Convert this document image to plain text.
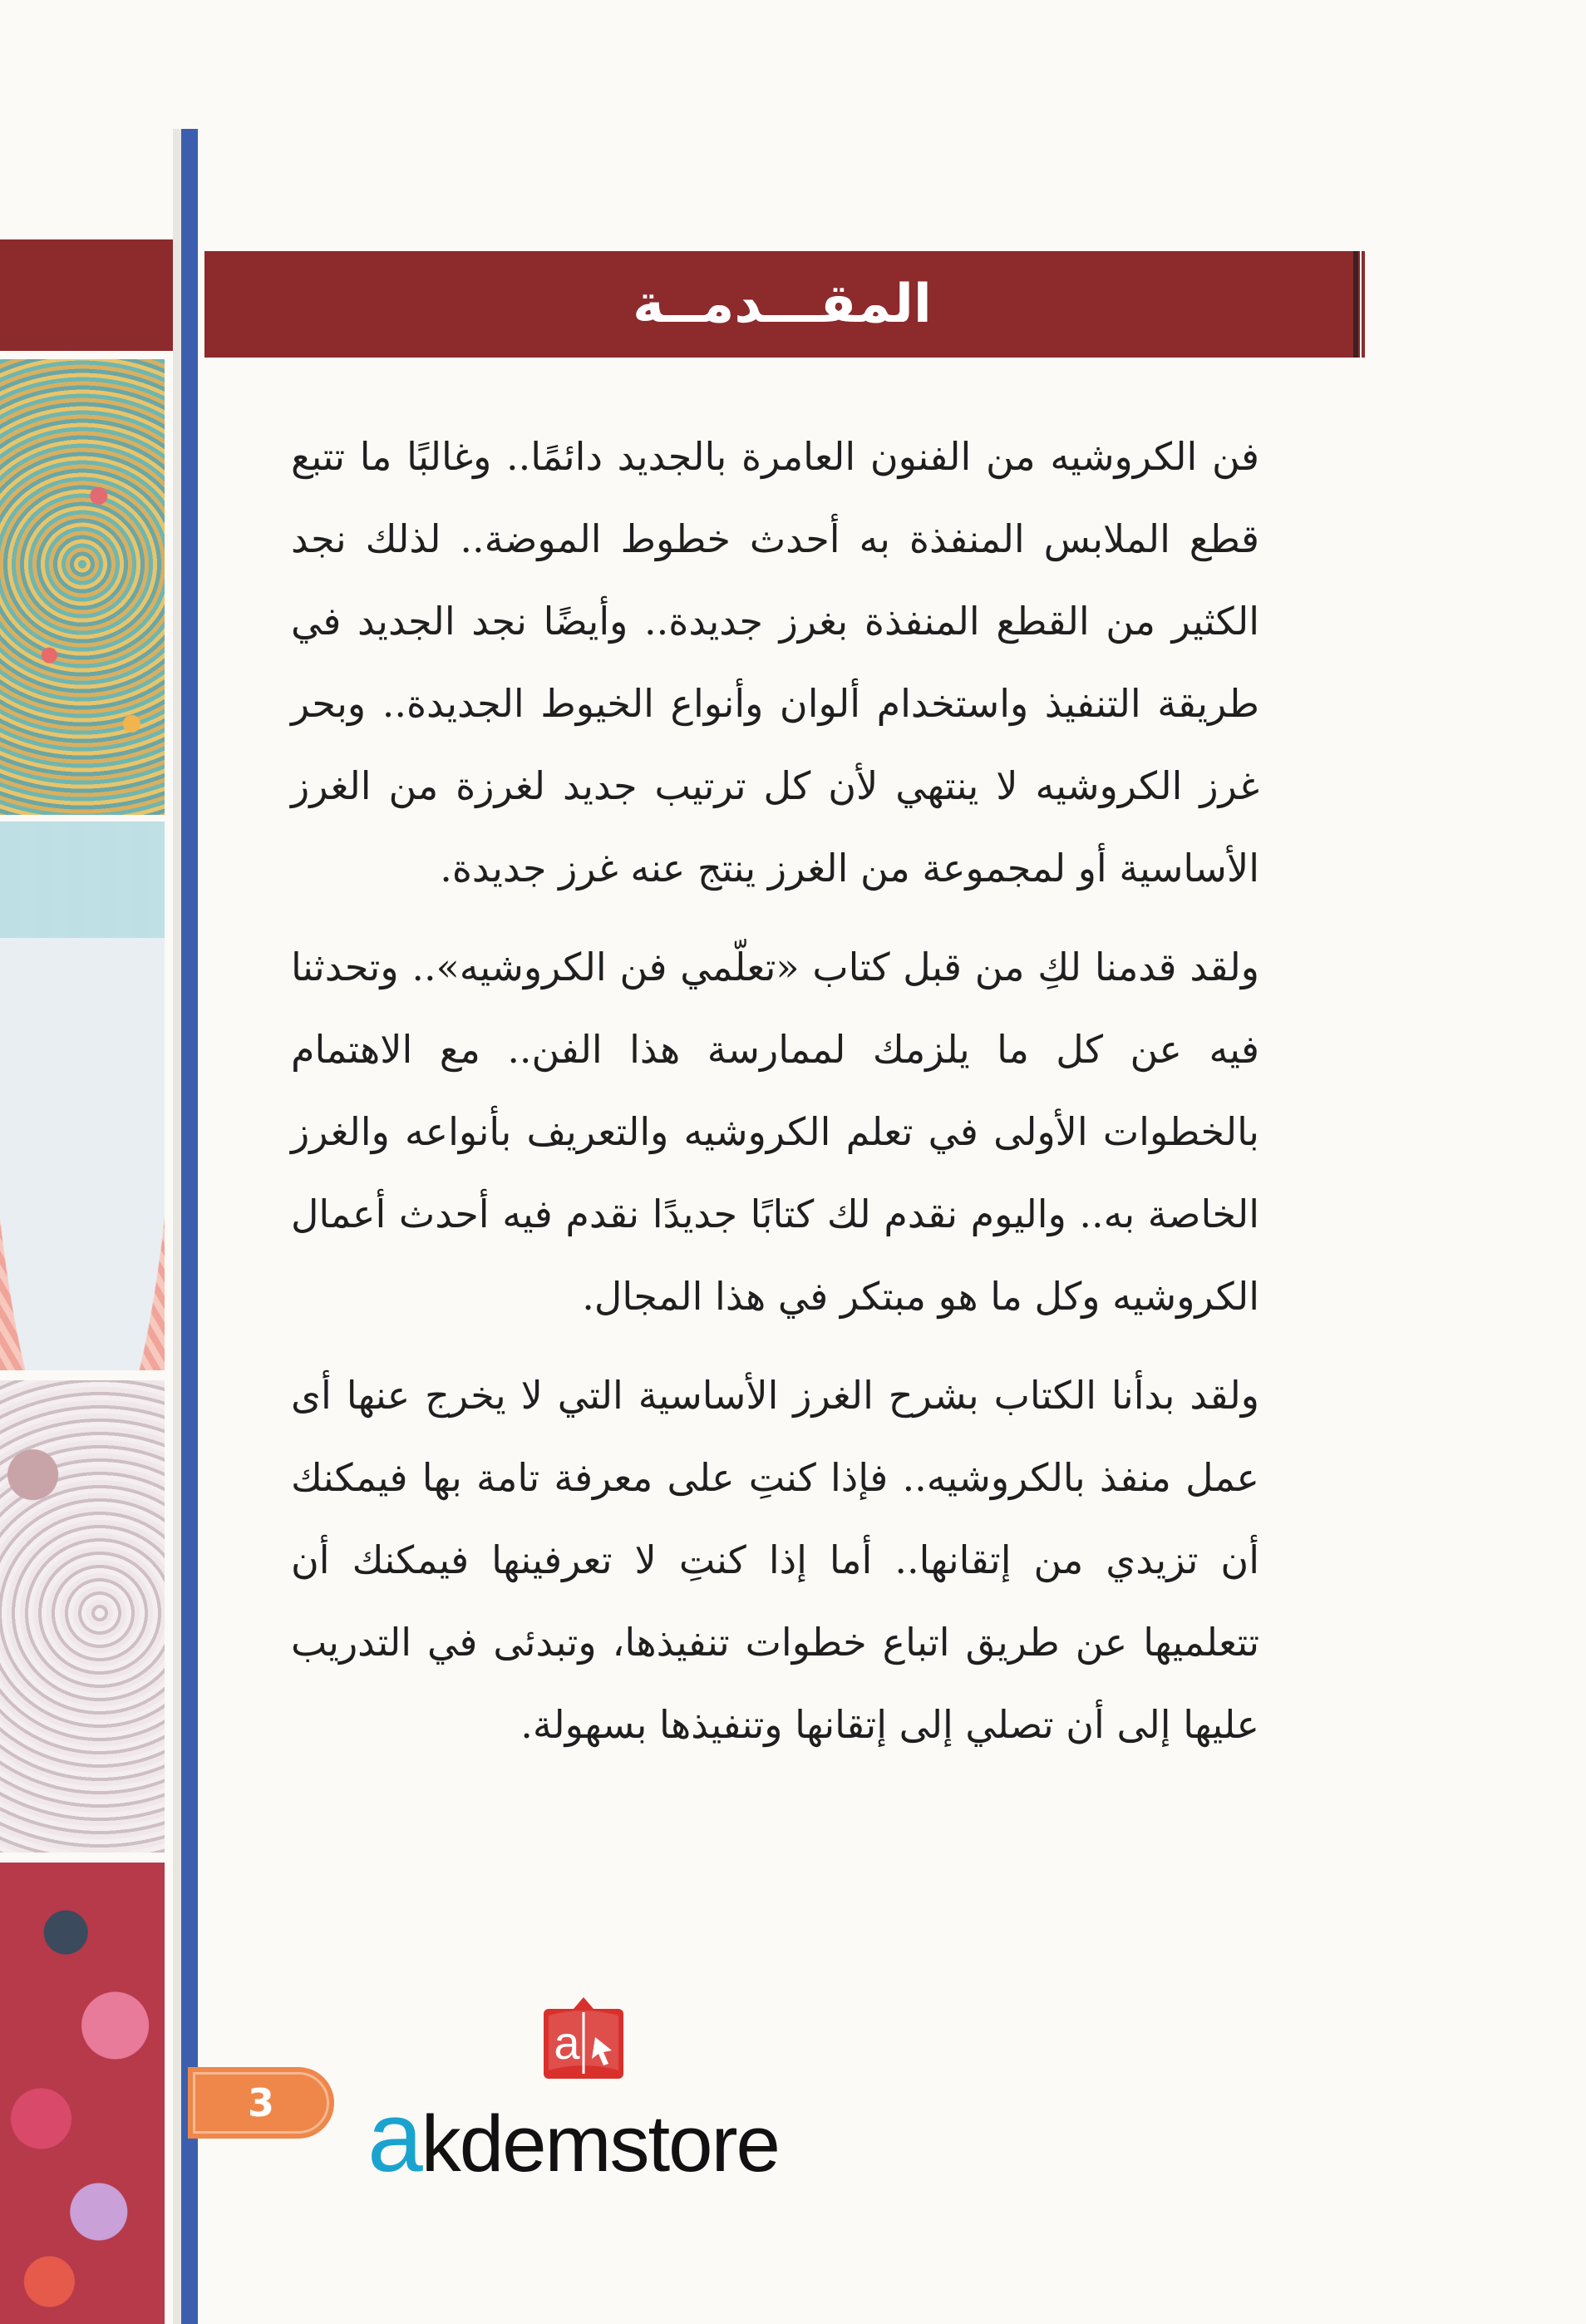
المقـــدمــة

فن الكروشيه من الفنون العامرة بالجديد دائمًا.. وغالبًا ما تتبع قطع الملابس المنفذة به أحدث خطوط الموضة.. لذلك نجد الكثير من القطع المنفذة بغرز جديدة.. وأيضًا نجد الجديد في طريقة التنفيذ واستخدام ألوان وأنواع الخيوط الجديدة.. وبحر غرز الكروشيه لا ينتهي لأن كل ترتيب جديد لغرزة من الغرز الأساسية أو لمجموعة من الغرز ينتج عنه غرز جديدة.

ولقد قدمنا لكِ من قبل كتاب «تعلّمي فن الكروشيه».. وتحدثنا فيه عن كل ما يلزمك لممارسة هذا الفن.. مع الاهتمام بالخطوات الأولى في تعلم الكروشيه والتعريف بأنواعه والغرز الخاصة به.. واليوم نقدم لك كتابًا جديدًا نقدم فيه أحدث أعمال الكروشيه وكل ما هو مبتكر في هذا المجال.

ولقد بدأنا الكتاب بشرح الغرز الأساسية التي لا يخرج عنها أى عمل منفذ بالكروشيه.. فإذا كنتِ على معرفة تامة بها فيمكنك أن تزيدي من إتقانها.. أما إذا كنتِ لا تعرفينها فيمكنك أن تتعلميها عن طريق اتباع خطوات تنفيذها، وتبدئى في التدريب عليها إلى أن تصلي إلى إتقانها وتنفيذها بسهولة.

3
a
akdemstore
